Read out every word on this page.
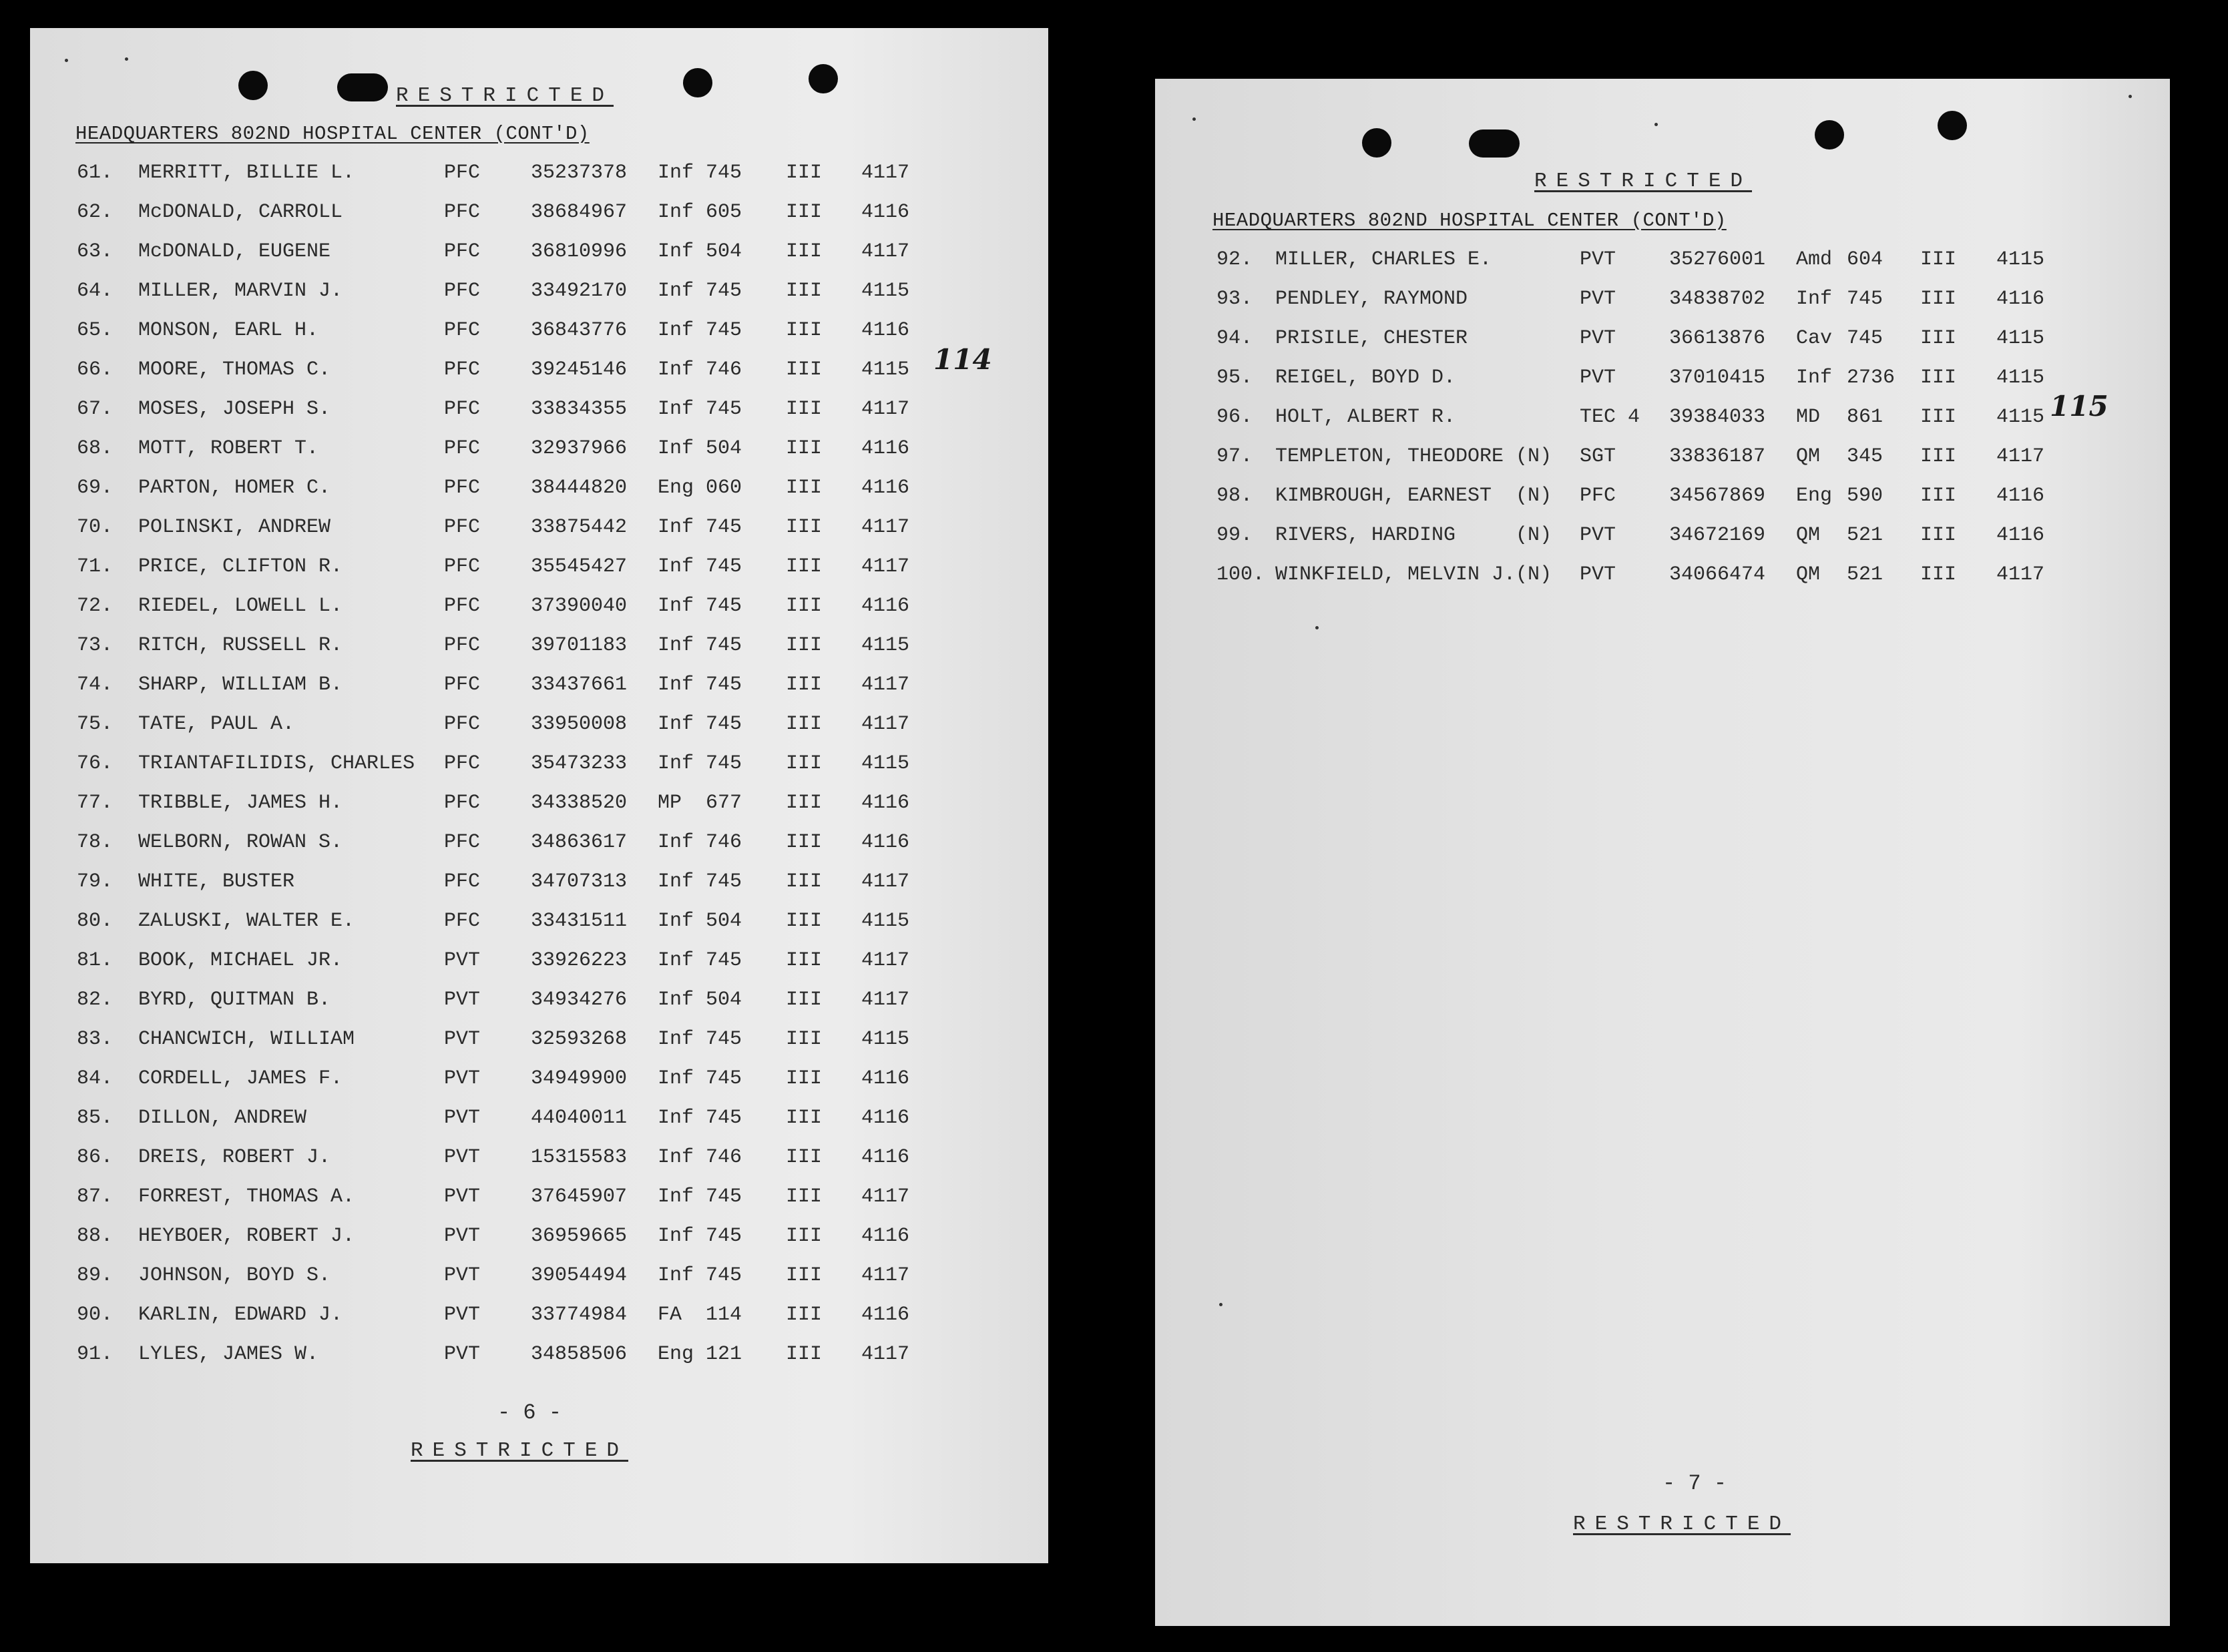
RESTRICTED
HEADQUARTERS 802ND HOSPITAL CENTER (CONT'D)
114
61. MERRITT, BILLIE L.	PFC	35237378 Inf 745 III 4117
62. McDONALD, CARROLL	PFC	38684967 Inf 605 III 4116
63. McDONALD, EUGENE	PFC	36810996 Inf 504 III 4117
64. MILLER, MARVIN J.	PFC	33492170 Inf 745 III 4115
65. MONSON, EARL H.	PFC	36843776 Inf 745 III 4116
66. MOORE, THOMAS C.	PFC	39245146 Inf 746 III 4115
67. MOSES, JOSEPH S.	PFC	33834355 Inf 745 III 4117
68. MOTT, ROBERT T.	PFC	32937966 Inf 504 III 4116
69. PARTON, HOMER C.	PFC	38444820 Eng 060 III 4116
70. POLINSKI, ANDREW	PFC	33875442 Inf 745 III 4117
71. PRICE, CLIFTON R.	PFC	35545427 Inf 745 III 4117
72. RIEDEL, LOWELL L.	PFC	37390040 Inf 745 III 4116
73. RITCH, RUSSELL R.	PFC	39701183 Inf 745 III 4115
74. SHARP, WILLIAM B.	PFC	33437661 Inf 745 III 4117
75. TATE, PAUL A.	PFC	33950008 Inf 745 III 4117
76. TRIANTAFILIDIS, CHARLES PFC	35473233 Inf 745 III 4115
77. TRIBBLE, JAMES H.	PFC	34338520 MP 677 III 4116
78. WELBORN, ROWAN S.	PFC	34863617 Inf 746 III 4116
79. WHITE, BUSTER	PFC	34707313 Inf 745 III 4117
80. ZALUSKI, WALTER E.	PFC	33431511 Inf 504 III 4115
81. BOOK, MICHAEL JR.	PVT	33926223 Inf 745 III 4117
82. BYRD, QUITMAN B.	PVT	34934276 Inf 504 III 4117
83. CHANCWICH, WILLIAM	PVT	32593268 Inf 745 III 4115
84. CORDELL, JAMES F.	PVT	34949900 Inf 745 III 4116
85. DILLON, ANDREW	PVT	44040011 Inf 745 III 4116
86. DREIS, ROBERT J.	PVT	15315583 Inf 746 III 4116
87. FORREST, THOMAS A.	PVT	37645907 Inf 745 III 4117
88. HEYBOER, ROBERT J.	PVT	36959665 Inf 745 III 4116
89. JOHNSON, BOYD S.	PVT	39054494 Inf 745 III 4117
90. KARLIN, EDWARD J.	PVT	33774984 FA 114 III 4116
91. LYLES, JAMES W.	PVT	34858506 Eng 121 III 4117
- 6 -
RESTRICTED
RESTRICTED
HEADQUARTERS 802ND HOSPITAL CENTER (CONT'D)
115
92. MILLER, CHARLES E.	PVT	35276001 Amd 604 III 4115
93. PENDLEY, RAYMOND	PVT	34838702 Inf 745 III 4116
94. PRISILE, CHESTER	PVT	36613876 Cav 745 III 4115
95. REIGEL, BOYD D.	PVT	37010415 Inf 2736 III 4115
96. HOLT, ALBERT R.	TEC 4 39384033 MD 861 III 4115
97. TEMPLETON, THEODORE (N) SGT	33836187 QM 345 III 4117
98. KIMBROUGH, EARNEST  (N) PFC	34567869 Eng 590 III 4116
99. RIVERS, HARDING     (N) PVT	34672169 QM 521 III 4116
100. WINKFIELD, MELVIN J.(N) PVT	34066474 QM 521 III 4117
- 7 -
RESTRICTED
